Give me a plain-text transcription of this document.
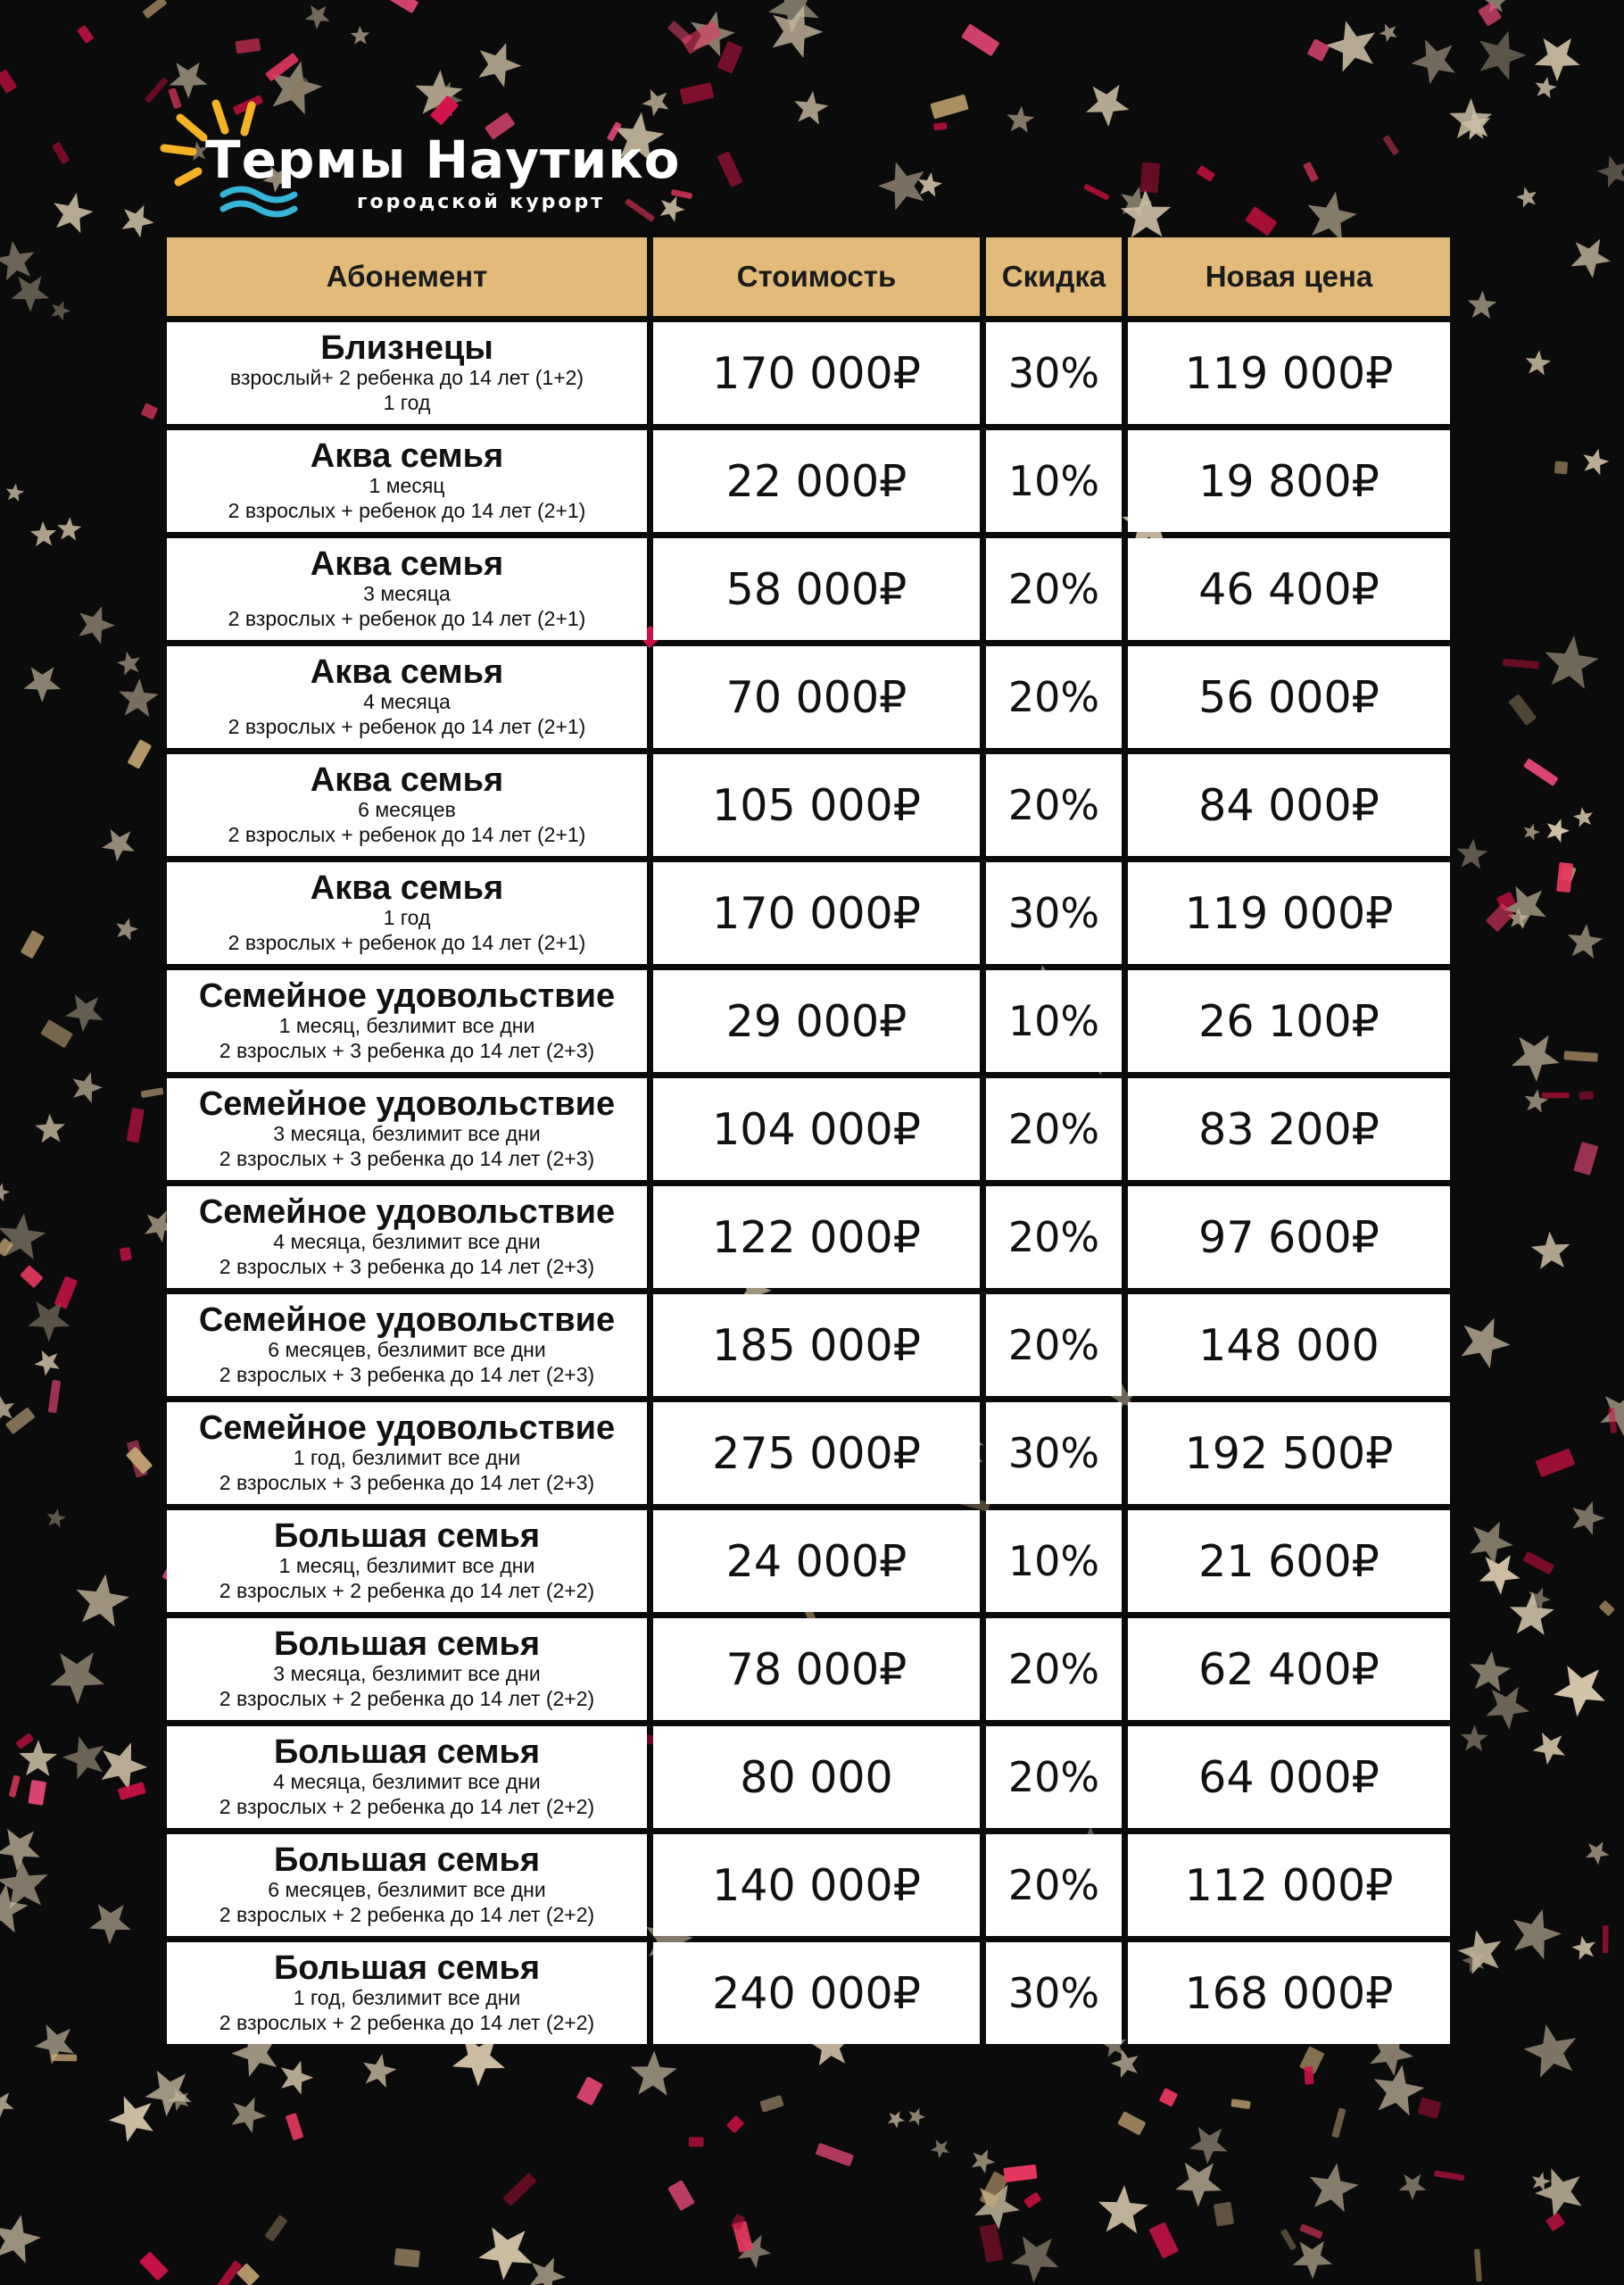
Термы Наутико
городской курорт
Абонемент	Стоимость	Скидка	Новая цена
Близнецы
взрослый+ 2 ребенка до 14 лет (1+2)
1 год
170 000₽ 30% 119 000₽
Аква семья
1 месяц
2 взрослых + ребенок до 14 лет (2+1)
22 000₽ 10% 19 800₽
Аква семья
3 месяца
2 взрослых + ребенок до 14 лет (2+1)
58 000₽ 20% 46 400₽
Аква семья
4 месяца
2 взрослых + ребенок до 14 лет (2+1)
70 000₽ 20% 56 000₽
Аква семья
6 месяцев
2 взрослых + ребенок до 14 лет (2+1)
105 000₽ 20% 84 000₽
Аква семья
1 год
2 взрослых + ребенок до 14 лет (2+1)
170 000₽ 30% 119 000₽
Семейное удовольствие
1 месяц, безлимит все дни
2 взрослых + 3 ребенка до 14 лет (2+3)
29 000₽ 10% 26 100₽
Семейное удовольствие
3 месяца, безлимит все дни
2 взрослых + 3 ребенка до 14 лет (2+3)
104 000₽ 20% 83 200₽
Семейное удовольствие
4 месяца, безлимит все дни
2 взрослых + 3 ребенка до 14 лет (2+3)
122 000₽ 20% 97 600₽
Семейное удовольствие
6 месяцев, безлимит все дни
2 взрослых + 3 ребенка до 14 лет (2+3)
185 000₽ 20% 148 000
Семейное удовольствие
1 год, безлимит все дни
2 взрослых + 3 ребенка до 14 лет (2+3)
275 000₽ 30% 192 500₽
Большая семья
1 месяц, безлимит все дни
2 взрослых + 2 ребенка до 14 лет (2+2)
24 000₽ 10% 21 600₽
Большая семья
3 месяца, безлимит все дни
2 взрослых + 2 ребенка до 14 лет (2+2)
78 000₽ 20% 62 400₽
Большая семья
4 месяца, безлимит все дни
2 взрослых + 2 ребенка до 14 лет (2+2)
80 000	20% 64 000₽
Большая семья
6 месяцев, безлимит все дни
2 взрослых + 2 ребенка до 14 лет (2+2)
140 000₽ 20% 112 000₽
Большая семья
1 год, безлимит все дни
2 взрослых + 2 ребенка до 14 лет (2+2)
240 000₽ 30% 168 000₽
